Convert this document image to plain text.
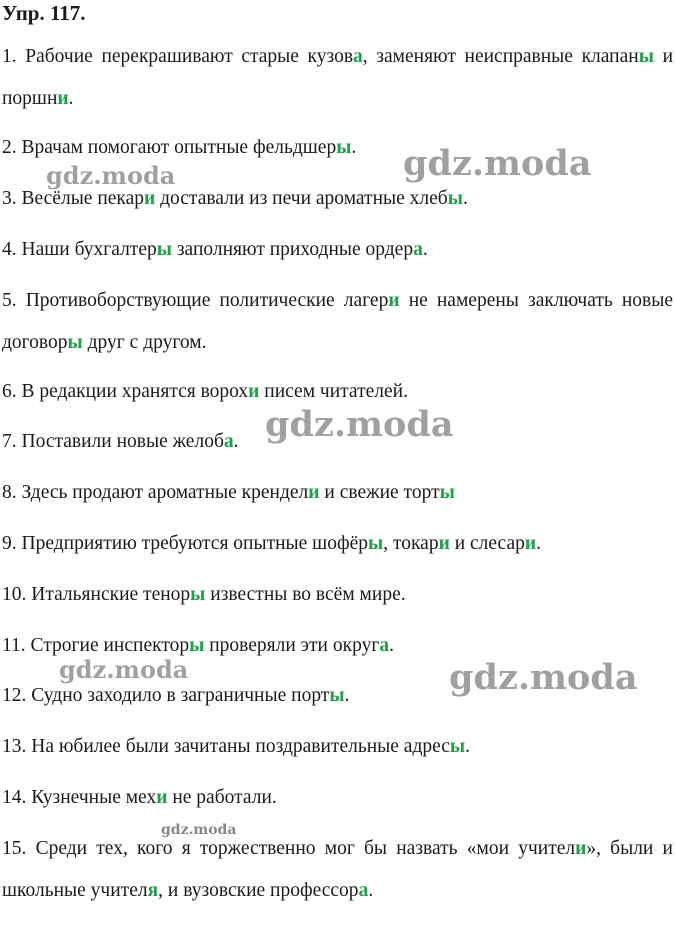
Упр. 117.
1. Рабочие перекрашивают старые кузова, заменяют неисправные клапаны и поршни.
2. Врачам помогают опытные фельдшеры.
3. Весёлые пекари доставали из печи ароматные хлебы.
4. Наши бухгалтеры заполняют приходные ордера.
5. Противоборствующие политические лагери не намерены заключать новые договоры друг с другом.
6. В редакции хранятся ворохи писем читателей.
7. Поставили новые желоба.
8. Здесь продают ароматные крендели и свежие торты
9. Предприятию требуются опытные шофёры, токари и слесари.
10. Итальянские теноры известны во всём мире.
11. Строгие инспекторы проверяли эти округа.
12. Судно заходило в заграничные порты.
13. На юбилее были зачитаны поздравительные адресы.
14. Кузнечные мехи не работали.
15. Среди тех, кого я торжественно мог бы назвать «мои учители», были и школьные учителя, и вузовские профессора.
gdz.moda	gdz.moda
gdz.moda
gdz.moda	gdz.moda
gdz.moda
